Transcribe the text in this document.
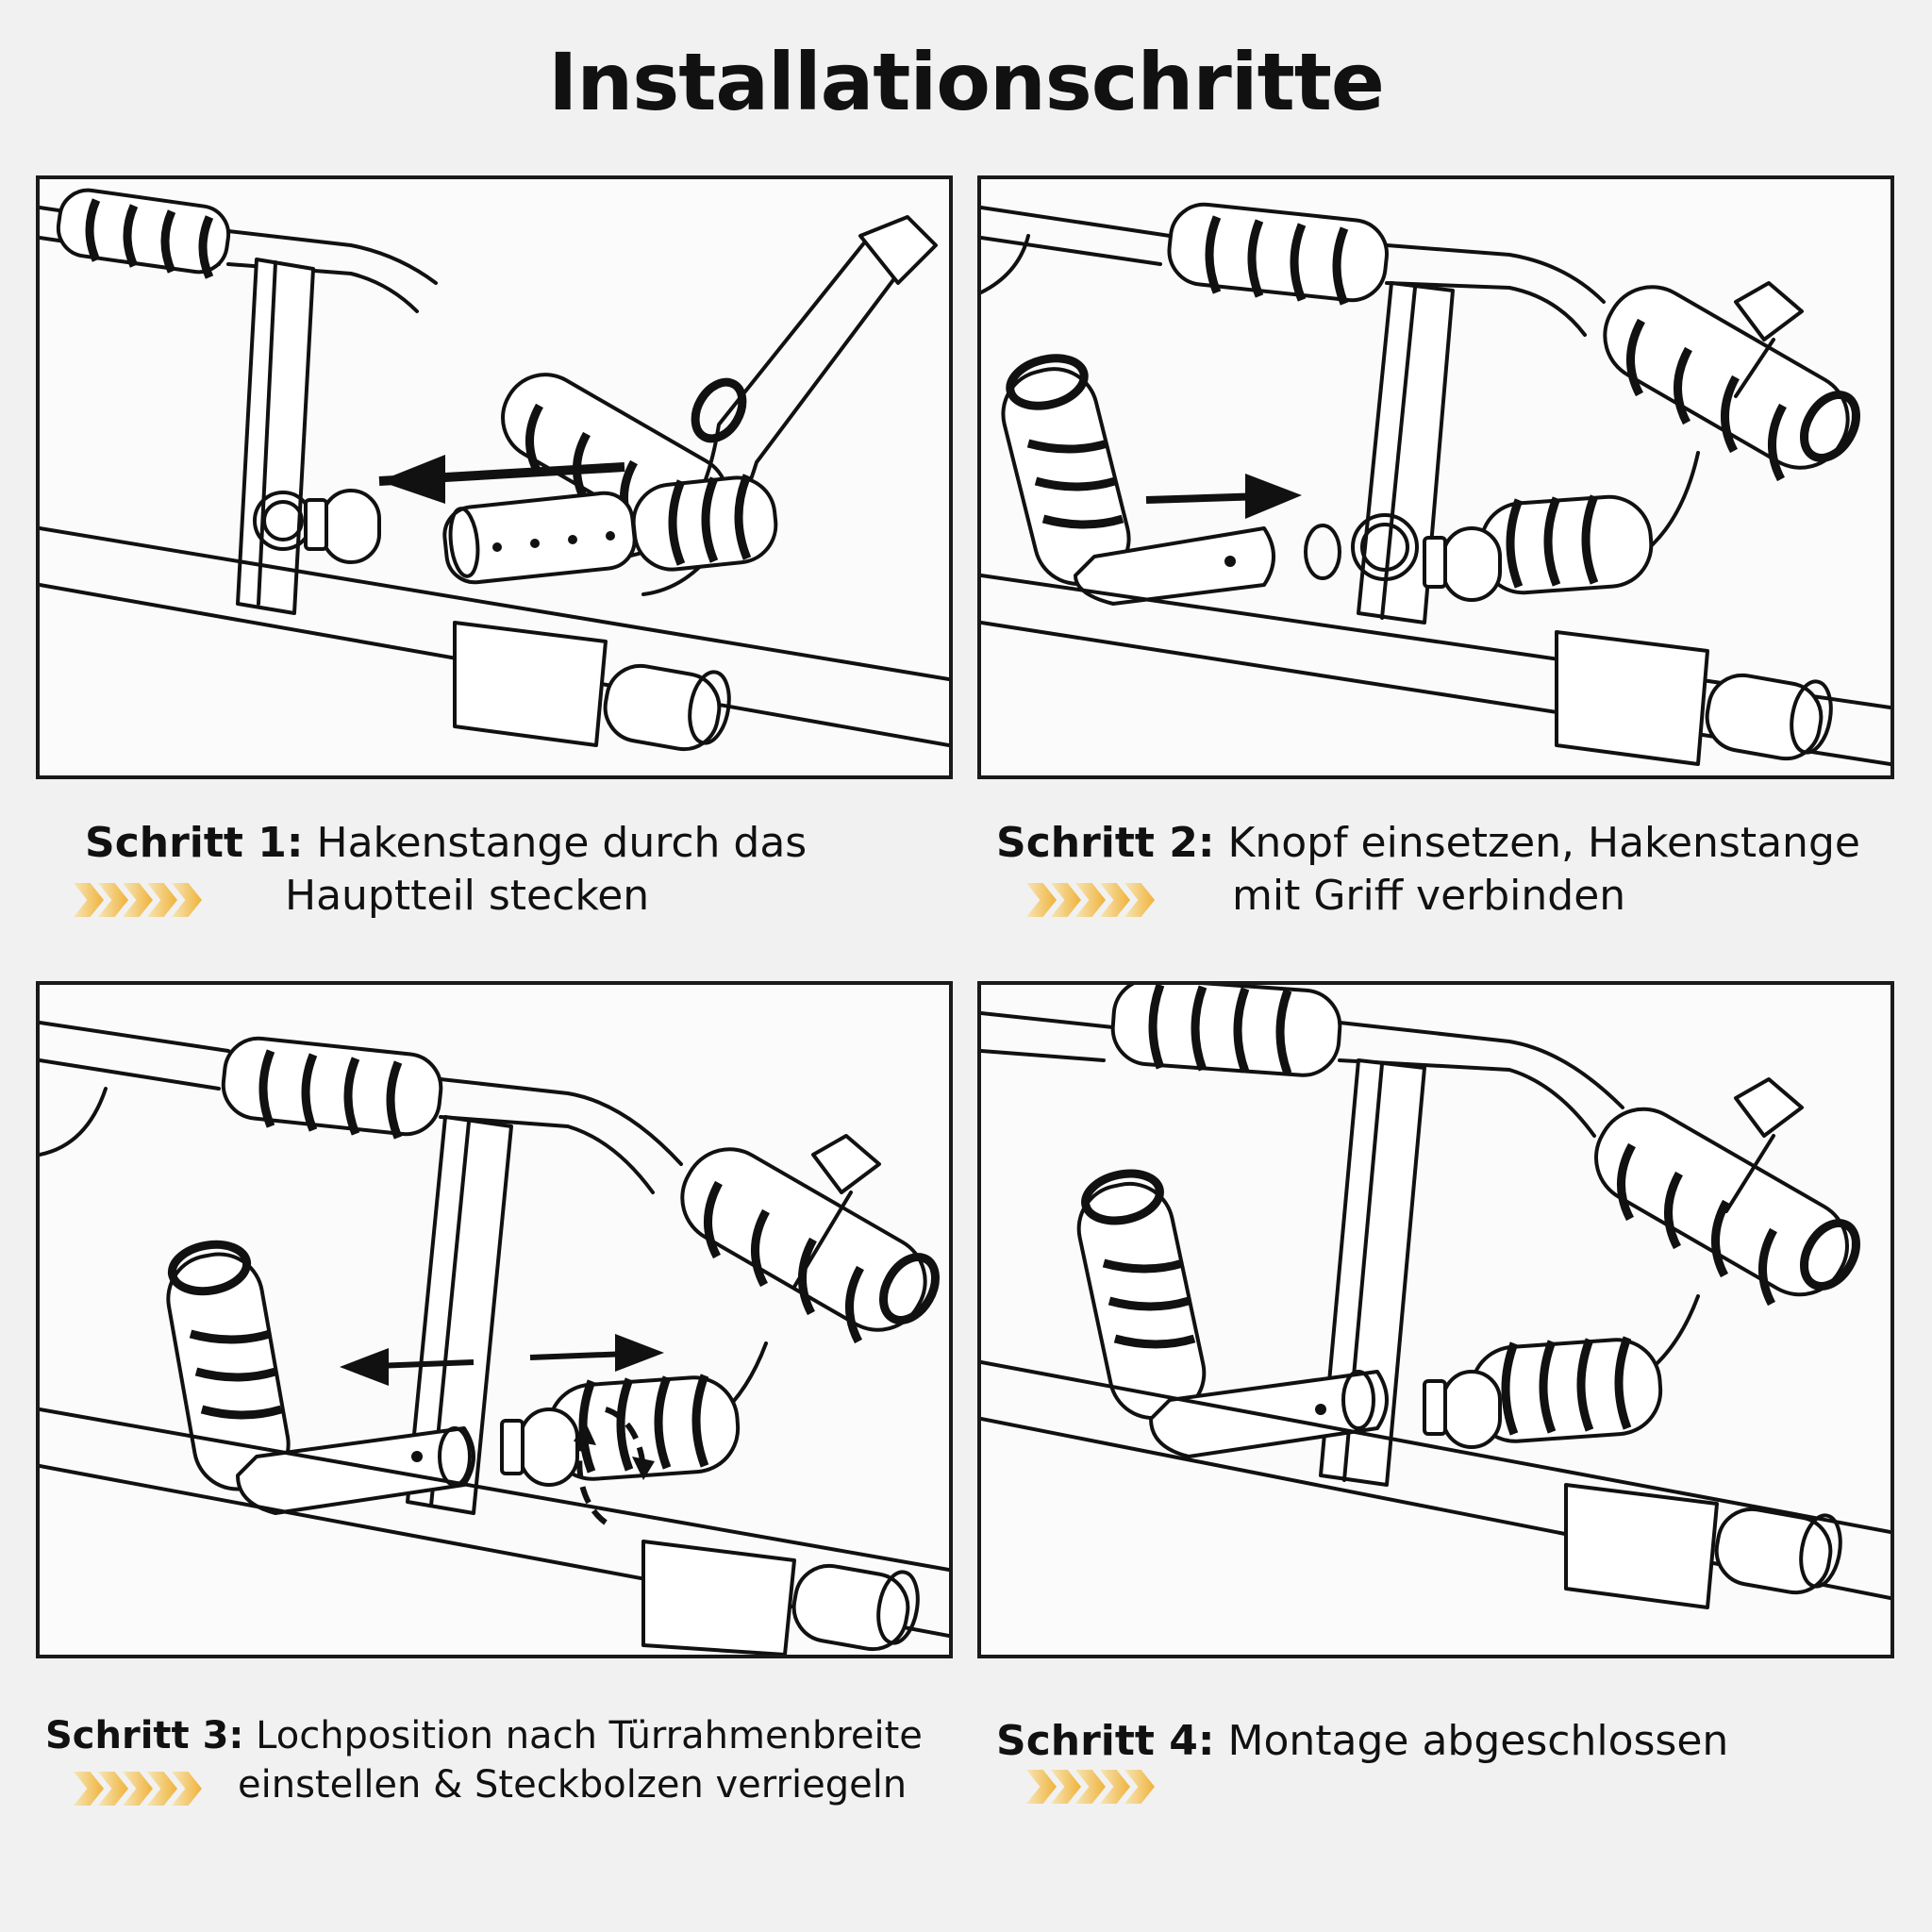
Installationschritte
Schritt 1: Hakenstange durch das
Hauptteil stecken
Schritt 2: Knopf einsetzen, Hakenstange
mit Griff verbinden
Schritt 3: Lochposition nach Türrahmenbreite
einstellen & Steckbolzen verriegeln
Schritt 4: Montage abgeschlossen
